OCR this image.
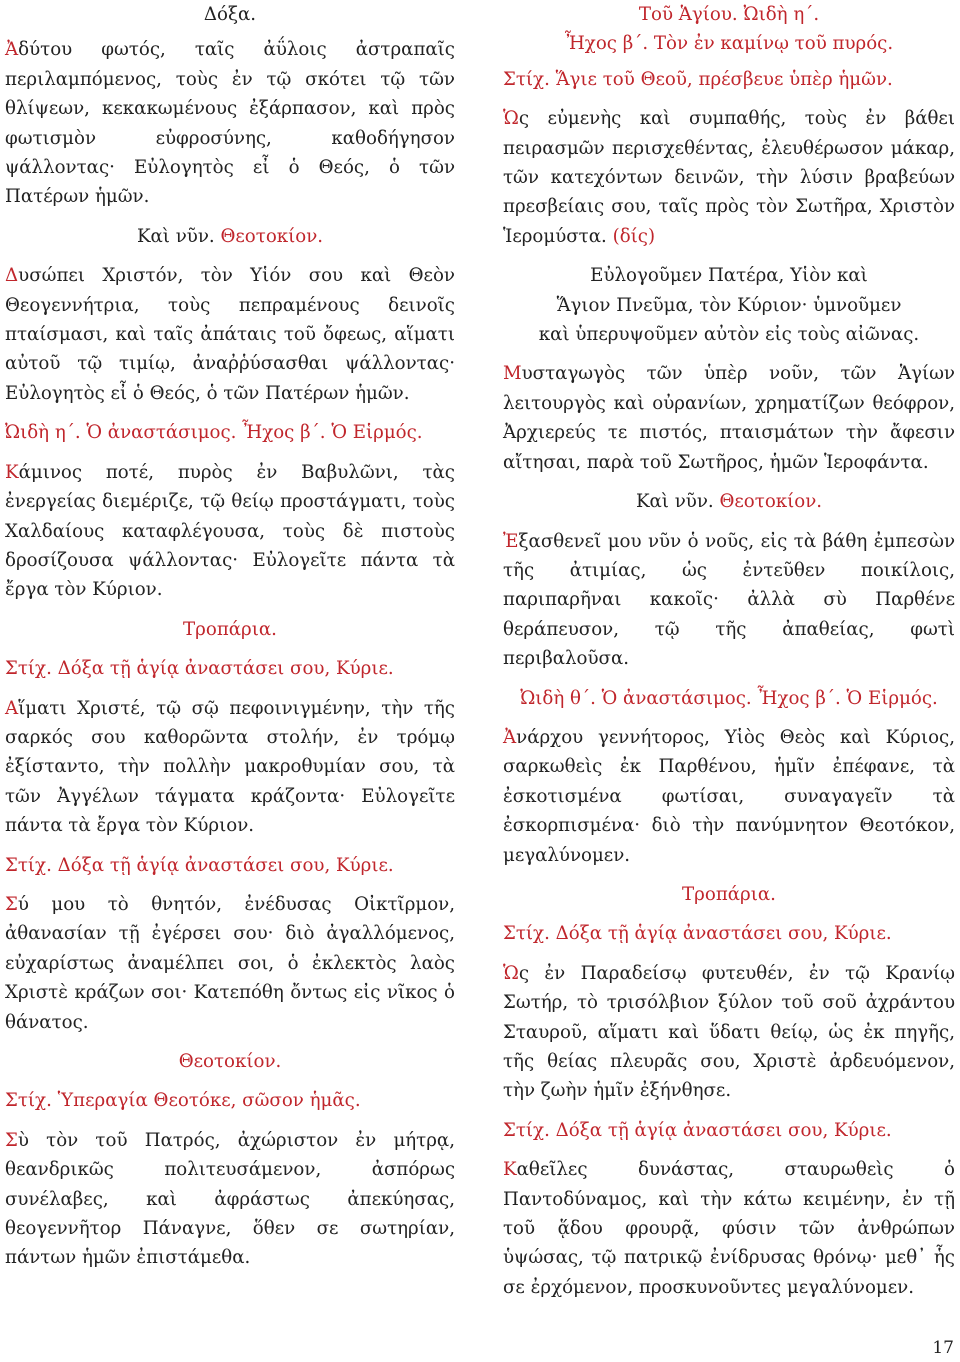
Δόξα.

Ἀδύτου φωτός, ταῖς ἀΰλοις ἀστραπαῖς περιλαμπόμενος, τοὺς ἐν τῷ σκότει τῷ τῶν θλίψεων, κεκακωμένους ἐξάρπασον, καὶ πρὸς φωτισμὸν εὐφροσύνης, καθοδήγησον ψάλλοντας· Εὐλογητὸς εἶ ὁ Θεός, ὁ τῶν Πατέρων ἡμῶν.

Καὶ νῦν. Θεοτοκίον.

Δυσώπει Χριστόν, τὸν Υἱόν σου καὶ Θεὸν Θεογεννήτρια, τοὺς πεπραμένους δεινοῖς πταίσμασι, καὶ ταῖς ἀπάταις τοῦ ὄφεως, αἵματι αὐτοῦ τῷ τιμίῳ, ἀναῤῥύσασθαι ψάλλοντας· Εὐλογητὸς εἶ ὁ Θεός, ὁ τῶν Πατέρων ἡμῶν.

Ὠιδὴ η´. Ὁ ἀναστάσιμος. Ἦχος β´. Ὁ Εἱρμός.

Κάμινος ποτέ, πυρὸς ἐν Βαβυλῶνι, τὰς ἐνεργείας διεμέριζε, τῷ θείῳ προστάγματι, τοὺς Χαλδαίους καταφλέγουσα, τοὺς δὲ πιστοὺς δροσίζουσα ψάλλοντας· Εὐλογεῖτε πάντα τὰ ἔργα τὸν Κύριον.

Τροπάρια.

Στίχ. Δόξα τῇ ἁγίᾳ ἀναστάσει σου, Κύριε.

Αἵματι Χριστέ, τῷ σῷ πεφοινιγμένην, τὴν τῆς σαρκός σου καθορῶντα στολήν, ἐν τρόμῳ ἐξίσταντο, τὴν πολλὴν μακροθυμίαν σου, τὰ τῶν Ἀγγέλων τάγματα κράζοντα· Εὐλογεῖτε πάντα τὰ ἔργα τὸν Κύριον.

Στίχ. Δόξα τῇ ἁγίᾳ ἀναστάσει σου, Κύριε.

Σύ μου τὸ θνητόν, ἐνέδυσας Οἰκτῖρμον, ἀθανασίαν τῇ ἐγέρσει σου· διὸ ἀγαλλόμενος, εὐχαρίστως ἀναμέλπει σοι, ὁ ἐκλεκτὸς λαὸς Χριστὲ κράζων σοι· Κατεπόθη ὄντως εἰς νῖκος ὁ θάνατος.

Θεοτοκίον.

Στίχ. Ὑπεραγία Θεοτόκε, σῶσον ἡμᾶς.

Σὺ τὸν τοῦ Πατρός, ἀχώριστον ἐν μήτρᾳ, θεανδρικῶς πολιτευσάμενον, ἀσπόρως συνέλαβες, καὶ ἀφράστως ἀπεκύησας, θεογεννῆτορ Πάναγνε, ὅθεν σε σωτηρίαν, πάντων ἡμῶν ἐπιστάμεθα.

Τοῦ Ἁγίου. Ὠιδὴ η´.

Ἦχος β´. Τὸν ἐν καμίνῳ τοῦ πυρός.

Στίχ. Ἅγιε τοῦ Θεοῦ, πρέσβευε ὑπὲρ ἡμῶν.

Ὡς εὐμενὴς καὶ συμπαθής, τοὺς ἐν βάθει πειρασμῶν περισχεθέντας, ἐλευθέρωσον μάκαρ, τῶν κατεχόντων δεινῶν, τὴν λύσιν βραβεύων πρεσβείαις σου, ταῖς πρὸς τὸν Σωτῆρα, Χριστὸν Ἱερομύστα. (δίς)

Εὐλογοῦμεν Πατέρα, Υἱὸν καὶ
Ἅγιον Πνεῦμα, τὸν Κύριον· ὑμνοῦμεν
καὶ ὑπερυψοῦμεν αὐτὸν εἰς τοὺς αἰῶνας.

Μυσταγωγὸς τῶν ὑπὲρ νοῦν, τῶν Ἁγίων λειτουργὸς καὶ οὐρανίων, χρηματίζων θεόφρον, Ἀρχιερεύς τε πιστός, πταισμάτων τὴν ἄφεσιν αἴτησαι, παρὰ τοῦ Σωτῆρος, ἡμῶν Ἱεροφάντα.

Καὶ νῦν. Θεοτοκίον.

Ἐξασθενεῖ μου νῦν ὁ νοῦς, εἰς τὰ βάθη ἐμπεσὼν τῆς ἀτιμίας, ὡς ἐντεῦθεν ποικίλοις, παριπαρῆναι κακοῖς· ἀλλὰ σὺ Παρθένε θεράπευσον, τῷ τῆς ἀπαθείας, φωτὶ περιβαλοῦσα.

Ὠιδὴ θ´. Ὁ ἀναστάσιμος. Ἦχος β´. Ὁ Εἱρμός.

Ἀνάρχου γεννήτορος, Υἱὸς Θεὸς καὶ Κύριος, σαρκωθεὶς ἐκ Παρθένου, ἡμῖν ἐπέφανε, τὰ ἐσκοτισμένα φωτίσαι, συναγαγεῖν τὰ ἐσκορπισμένα· διὸ τὴν πανύμνητον Θεοτόκον, μεγαλύνομεν.

Τροπάρια.

Στίχ. Δόξα τῇ ἁγίᾳ ἀναστάσει σου, Κύριε.

Ὡς ἐν Παραδείσῳ φυτευθέν, ἐν τῷ Κρανίῳ Σωτήρ, τὸ τρισόλβιον ξύλον τοῦ σοῦ ἀχράντου Σταυροῦ, αἵματι καὶ ὕδατι θείῳ, ὡς ἐκ πηγῆς, τῆς θείας πλευρᾶς σου, Χριστὲ ἀρδευόμενον, τὴν ζωὴν ἡμῖν ἐξήνθησε.

Στίχ. Δόξα τῇ ἁγίᾳ ἀναστάσει σου, Κύριε.

Καθεῖλες δυνάστας, σταυρωθεὶς ὁ Παντοδύναμος, καὶ τὴν κάτω κειμένην, ἐν τῇ τοῦ ᾅδου φρουρᾷ, φύσιν τῶν ἀνθρώπων ὑψώσας, τῷ πατρικῷ ἐνίδρυσας θρόνῳ· μεθ᾿ ἧς σε ἐρχόμενον, προσκυνοῦντες μεγαλύνομεν.

17
